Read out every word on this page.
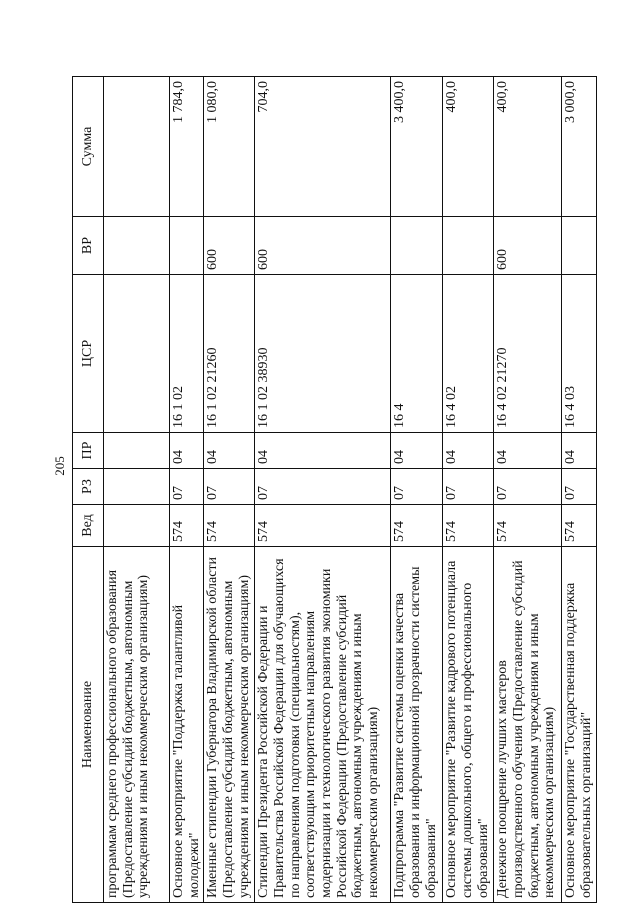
205
Наименование	Вед	РЗ	ПР	ЦСР	ВР	Сумма
программам среднего профессионального образования (Предоставление субсидий бюджетным, автономным учреждениям и иным некоммерческим организациям)						
Основное мероприятие "Поддержка талантливой молодежи"	574	07	04	16 1 02		1 784,0
Именные стипендии Губернатора Владимирской области (Предоставление субсидий бюджетным, автономным учреждениям и иным некоммерческим организациям)	574	07	04	16 1 02 21260	600	1 080,0
Стипендии Президента Российской Федерации и Правительства Российской Федерации для обучающихся по направлениям подготовки (специальностям), соответствующим приоритетным направлениям модернизации и технологического развития экономики Российской Федерации (Предоставление субсидий бюджетным, автономным учреждениям и иным некоммерческим организациям)	574	07	04	16 1 02 38930	600	704,0
Подпрограмма "Развитие системы оценки качества образования и информационной прозрачности системы образования"	574	07	04	16 4		3 400,0
Основное мероприятие "Развитие кадрового потенциала системы дошкольного, общего и профессионального образования"	574	07	04	16 4 02		400,0
Денежное поощрение лучших мастеров производственного обучения (Предоставление субсидий бюджетным, автономным учреждениям и иным некоммерческим организациям)	574	07	04	16 4 02 21270	600	400,0
Основное мероприятие "Государственная поддержка образовательных организаций"	574	07	04	16 4 03		3 000,0
